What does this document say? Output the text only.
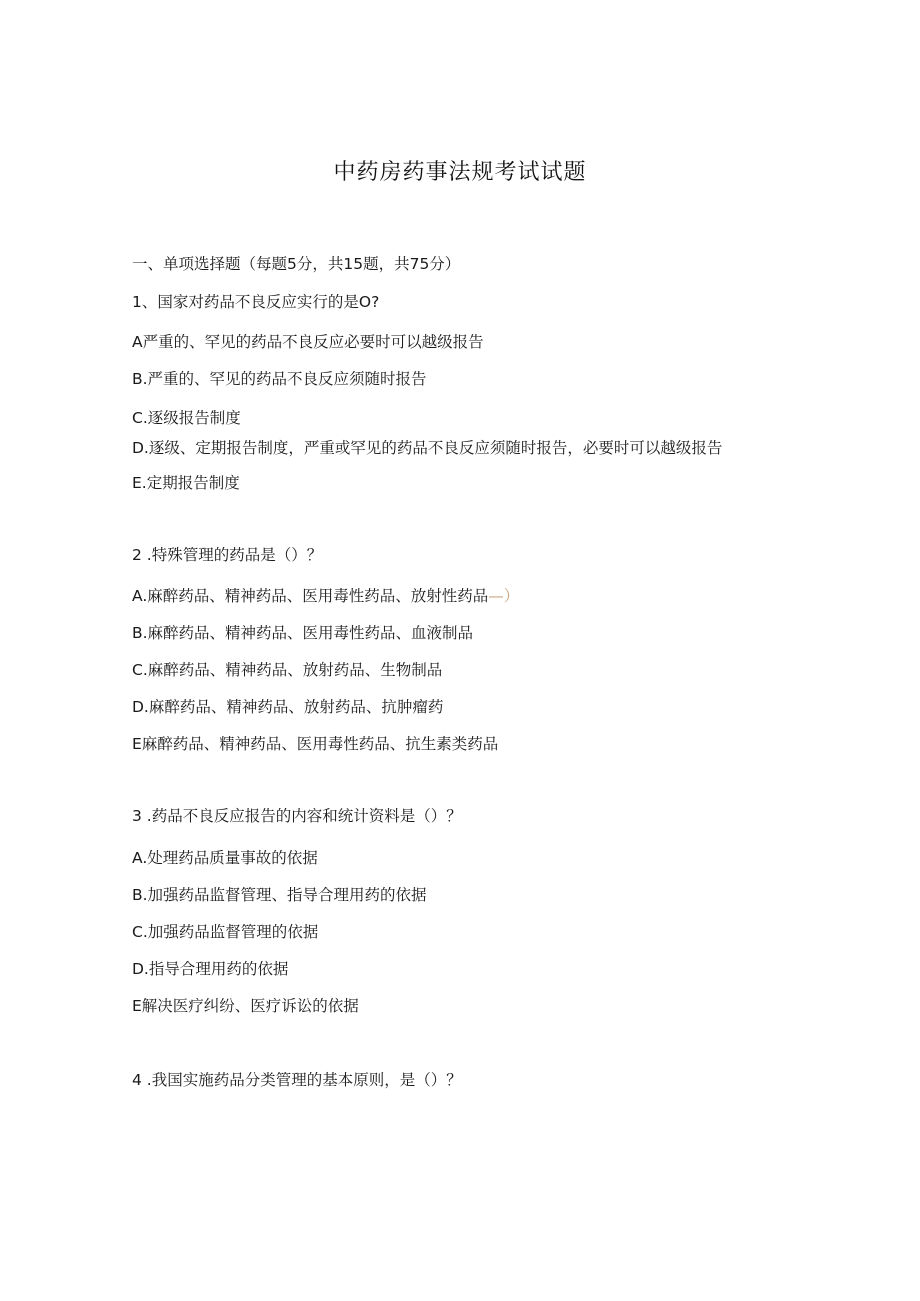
中药房药事法规考试试题
一、单项选择题（每题5分，共15题，共75分）
1、国家对药品不良反应实行的是O?
A严重的、罕见的药品不良反应必要时可以越级报告
B.严重的、罕见的药品不良反应须随时报告
C.逐级报告制度
D.逐级、定期报告制度，严重或罕见的药品不良反应须随时报告，必要时可以越级报告
E.定期报告制度
2 .特殊管理的药品是（）？
A.麻醉药品、精神药品、医用毒性药品、放射性药品—）
B.麻醉药品、精神药品、医用毒性药品、血液制品
C.麻醉药品、精神药品、放射药品、生物制品
D.麻醉药品、精神药品、放射药品、抗肿瘤药
E麻醉药品、精神药品、医用毒性药品、抗生素类药品
3 .药品不良反应报告的内容和统计资料是（）？
A.处理药品质量事故的依据
B.加强药品监督管理、指导合理用药的依据
C.加强药品监督管理的依据
D.指导合理用药的依据
E解决医疗纠纷、医疗诉讼的依据
4 .我国实施药品分类管理的基本原则，是（）？
